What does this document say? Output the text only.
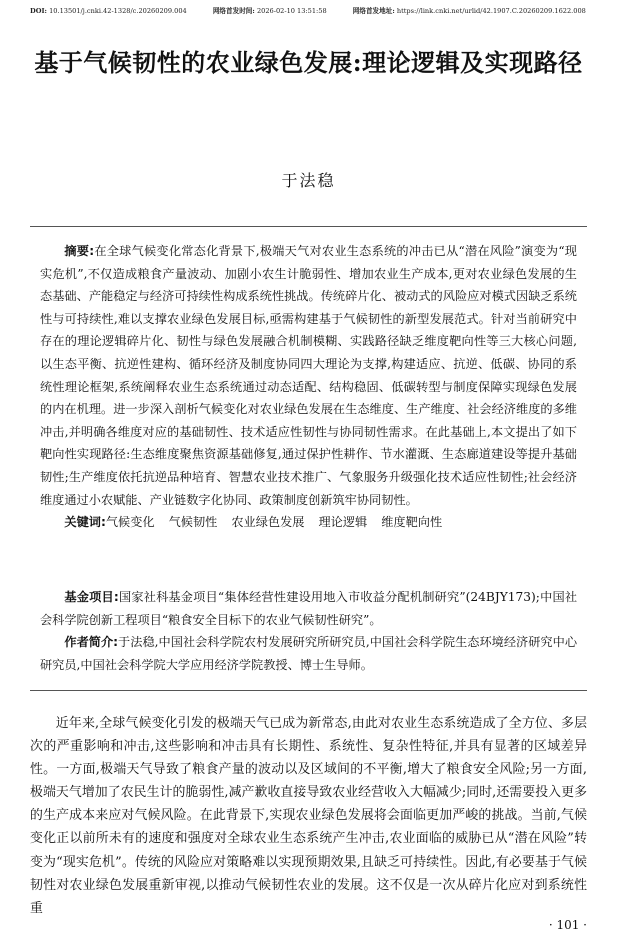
DOI: 10.13501/j.cnki.42-1328/c.20260209.004	网络首发时间: 2026-02-10 13:51:58	网络首发地址: https://link.cnki.net/urlid/42.1907.C.20260209.1622.008
基于气候韧性的农业绿色发展:理论逻辑及实现路径
于法稳

摘要:在全球气候变化常态化背景下,极端天气对农业生态系统的冲击已从“潜在风险”演变为“现实危机”,不仅造成粮食产量波动、加剧小农生计脆弱性、增加农业生产成本,更对农业绿色发展的生态基础、产能稳定与经济可持续性构成系统性挑战。传统碎片化、被动式的风险应对模式因缺乏系统性与可持续性,难以支撑农业绿色发展目标,亟需构建基于气候韧性的新型发展范式。针对当前研究中存在的理论逻辑碎片化、韧性与绿色发展融合机制模糊、实践路径缺乏维度靶向性等三大核心问题,以生态平衡、抗逆性建构、循环经济及制度协同四大理论为支撑,构建适应、抗逆、低碳、协同的系统性理论框架,系统阐释农业生态系统通过动态适配、结构稳固、低碳转型与制度保障实现绿色发展的内在机理。进一步深入剖析气候变化对农业绿色发展在生态维度、生产维度、社会经济维度的多维冲击,并明确各维度对应的基础韧性、技术适应性韧性与协同韧性需求。在此基础上,本文提出了如下靶向性实现路径:生态维度聚焦资源基础修复,通过保护性耕作、节水灌溉、生态廊道建设等提升基础韧性;生产维度依托抗逆品种培育、智慧农业技术推广、气象服务升级强化技术适应性韧性;社会经济维度通过小农赋能、产业链数字化协同、政策制度创新筑牢协同韧性。

关键词:气候变化 气候韧性 农业绿色发展 理论逻辑 维度靶向性

基金项目:国家社科基金项目“集体经营性建设用地入市收益分配机制研究”(24BJY173);中国社会科学院创新工程项目“粮食安全目标下的农业气候韧性研究”。

作者简介:于法稳,中国社会科学院农村发展研究所研究员,中国社会科学院生态环境经济研究中心研究员,中国社会科学院大学应用经济学院教授、博士生导师。

近年来,全球气候变化引发的极端天气已成为新常态,由此对农业生态系统造成了全方位、多层次的严重影响和冲击,这些影响和冲击具有长期性、系统性、复杂性特征,并具有显著的区域差异性。一方面,极端天气导致了粮食产量的波动以及区域间的不平衡,增大了粮食安全风险;另一方面,极端天气增加了农民生计的脆弱性,减产歉收直接导致农业经营收入大幅减少;同时,还需要投入更多的生产成本来应对气候风险。在此背景下,实现农业绿色发展将会面临更加严峻的挑战。当前,气候变化正以前所未有的速度和强度对全球农业生态系统产生冲击,农业面临的威胁已从“潜在风险”转变为“现实危机”。传统的风险应对策略难以实现预期效果,且缺乏可持续性。因此,有必要基于气候韧性对农业绿色发展重新审视,以推动气候韧性农业的发展。这不仅是一次从碎片化应对到系统性重

· 101 ·
